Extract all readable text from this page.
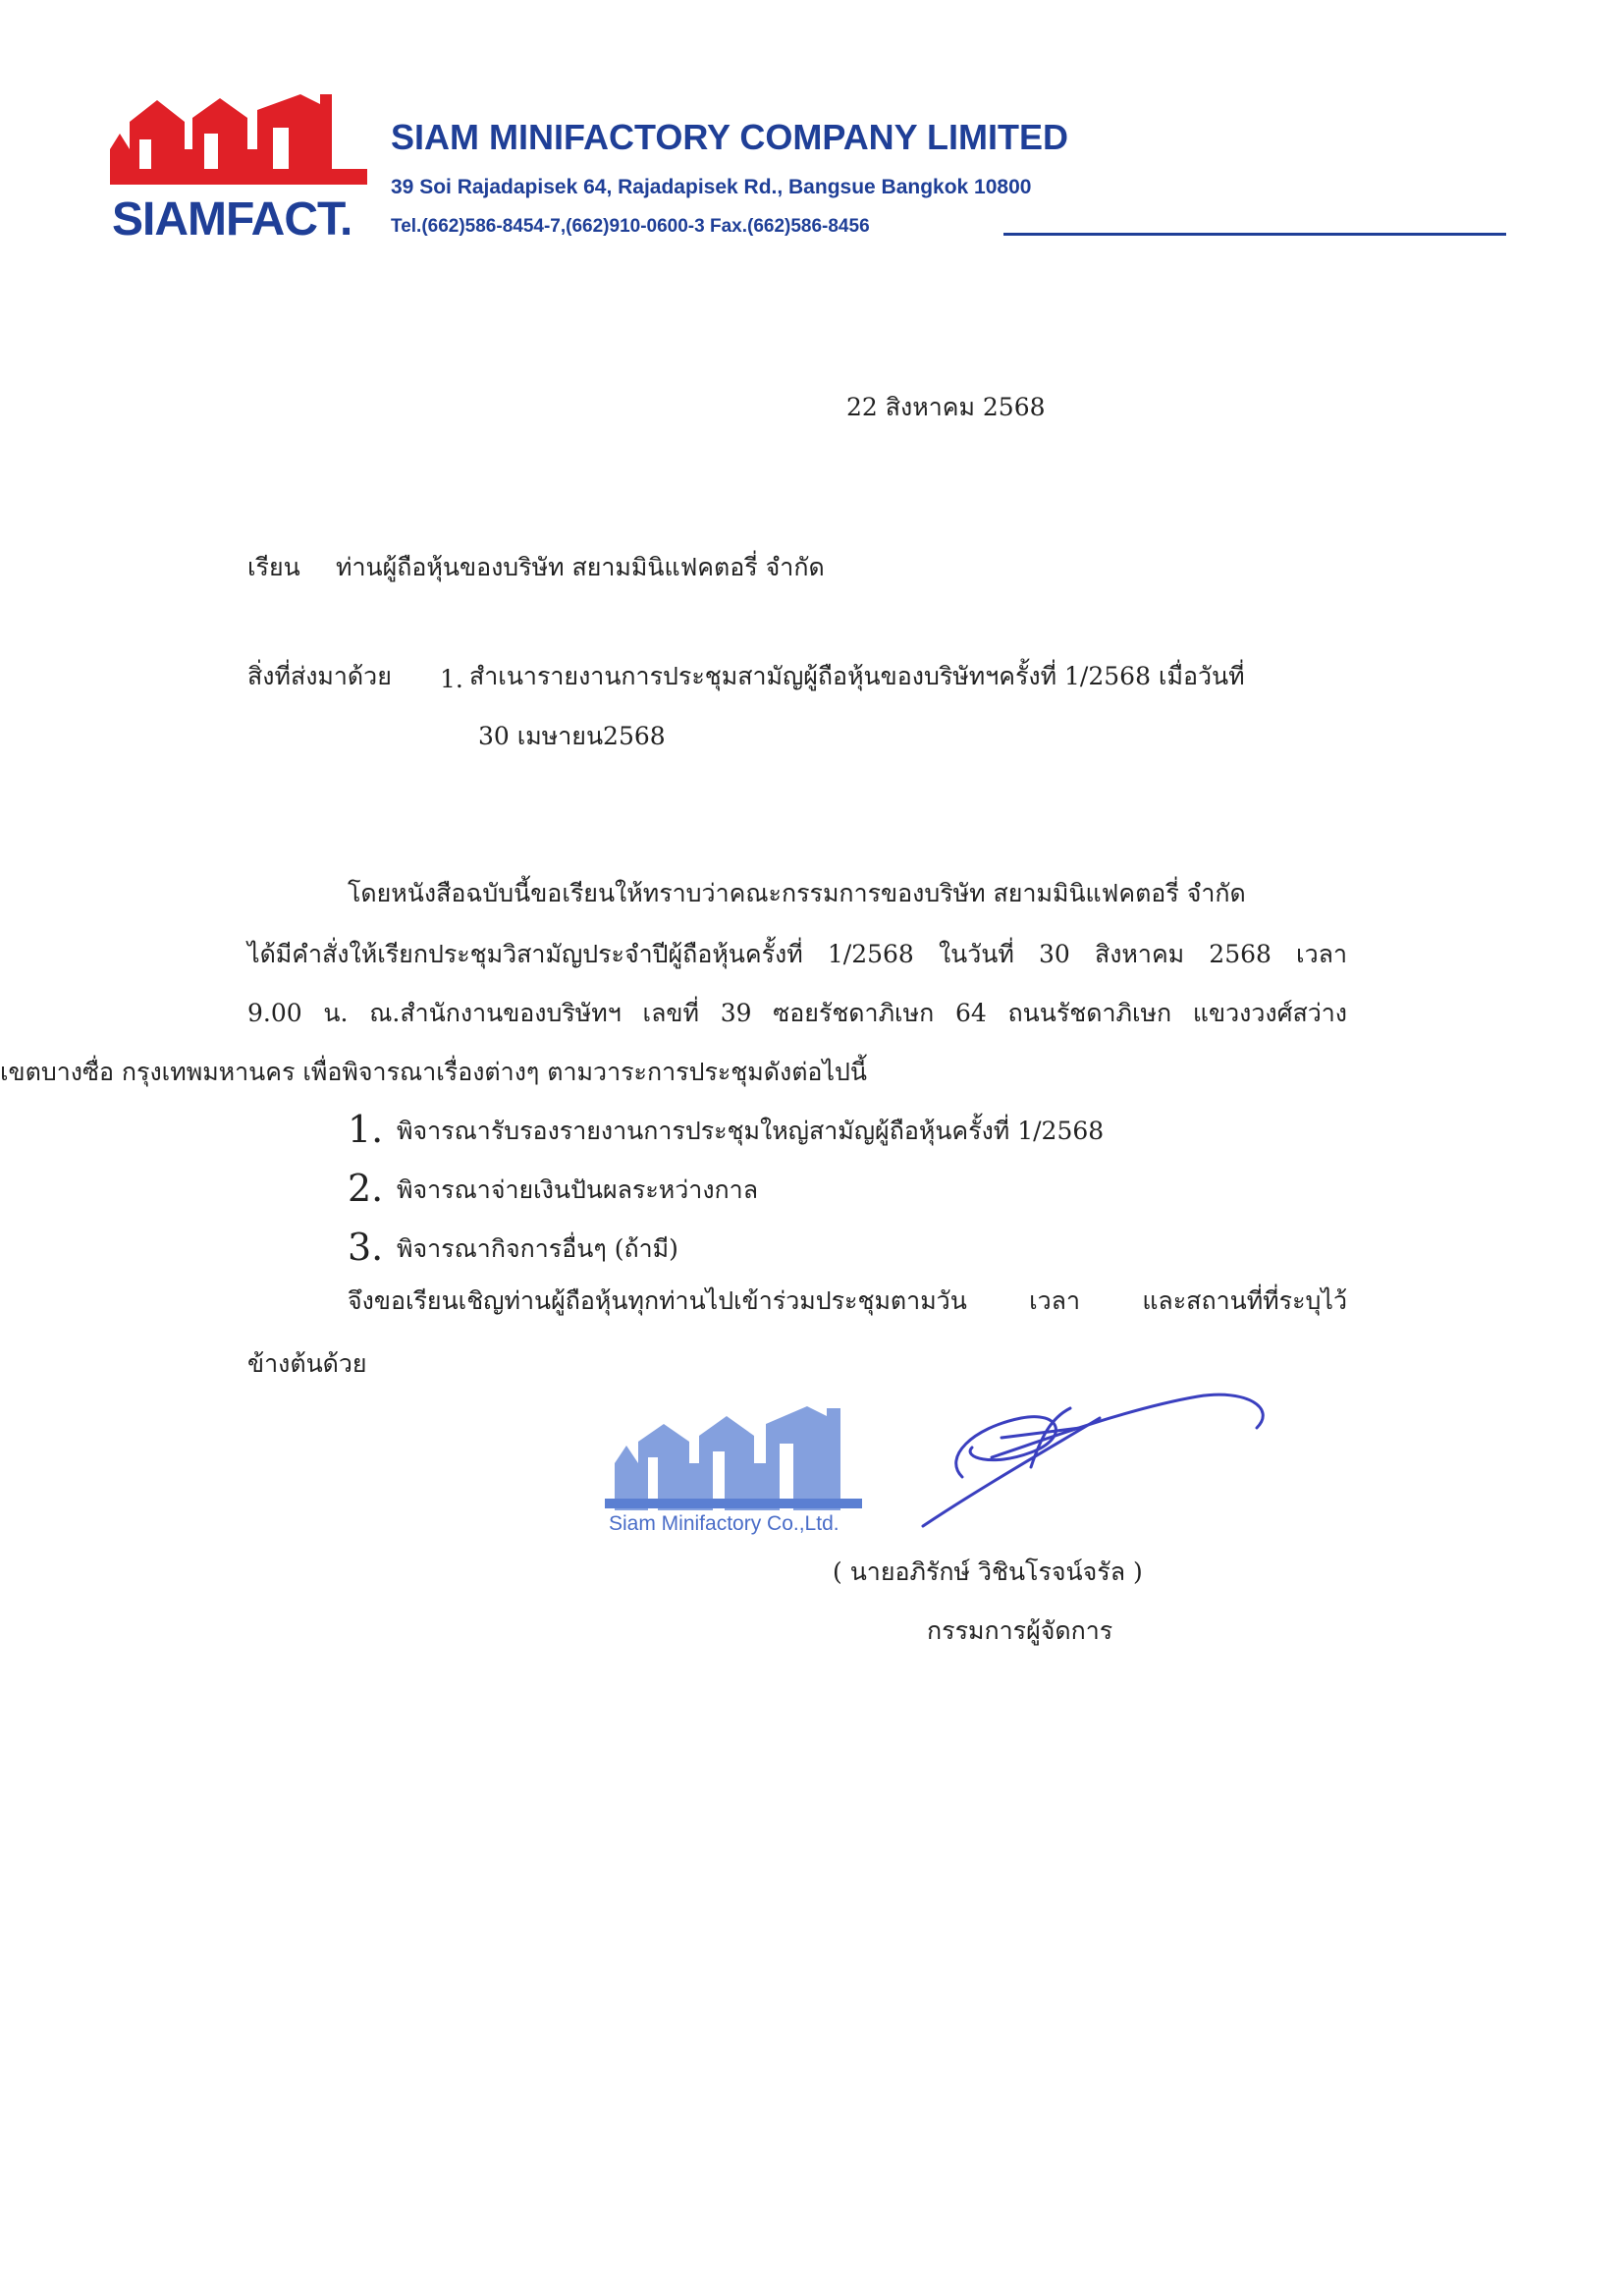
SIAMFACT.
SIAM MINIFACTORY COMPANY LIMITED
39 Soi Rajadapisek 64, Rajadapisek Rd., Bangsue Bangkok 10800
Tel.(662)586-8454-7,(662)910-0600-3 Fax.(662)586-8456
22 สิงหาคม 2568
เรียน ท่านผู้ถือหุ้นของบริษัท สยามมินิแฟคตอรี่ จำกัด
สิ่งที่ส่งมาด้วย 1. สำเนารายงานการประชุมสามัญผู้ถือหุ้นของบริษัทฯครั้งที่ 1/2568 เมื่อวันที่
30 เมษายน2568
โดยหนังสือฉบับนี้ขอเรียนให้ทราบว่าคณะกรรมการของบริษัท สยามมินิแฟคตอรี่ จำกัด
ได้มีคำสั่งให้เรียกประชุมวิสามัญประจำปีผู้ถือหุ้นครั้งที่ 1/2568 ในวันที่ 30 สิงหาคม 2568 เวลา
9.00 น. ณ.สำนักงานของบริษัทฯ เลขที่ 39 ซอยรัชดาภิเษก 64 ถนนรัชดาภิเษก แขวงวงศ์สว่าง
เขตบางซื่อ กรุงเทพมหานคร เพื่อพิจารณาเรื่องต่างๆ ตามวาระการประชุมดังต่อไปนี้
1. พิจารณารับรองรายงานการประชุมใหญ่สามัญผู้ถือหุ้นครั้งที่ 1/2568
2. พิจารณาจ่ายเงินปันผลระหว่างกาล
3. พิจารณากิจการอื่นๆ (ถ้ามี)
จึงขอเรียนเชิญท่านผู้ถือหุ้นทุกท่านไปเข้าร่วมประชุมตามวัน เวลา และสถานที่ที่ระบุไว้
ข้างต้นด้วย
Siam Minifactory Co.,Ltd.
( นายอภิรักษ์ วิชินโรจน์จรัล )
กรรมการผู้จัดการ
